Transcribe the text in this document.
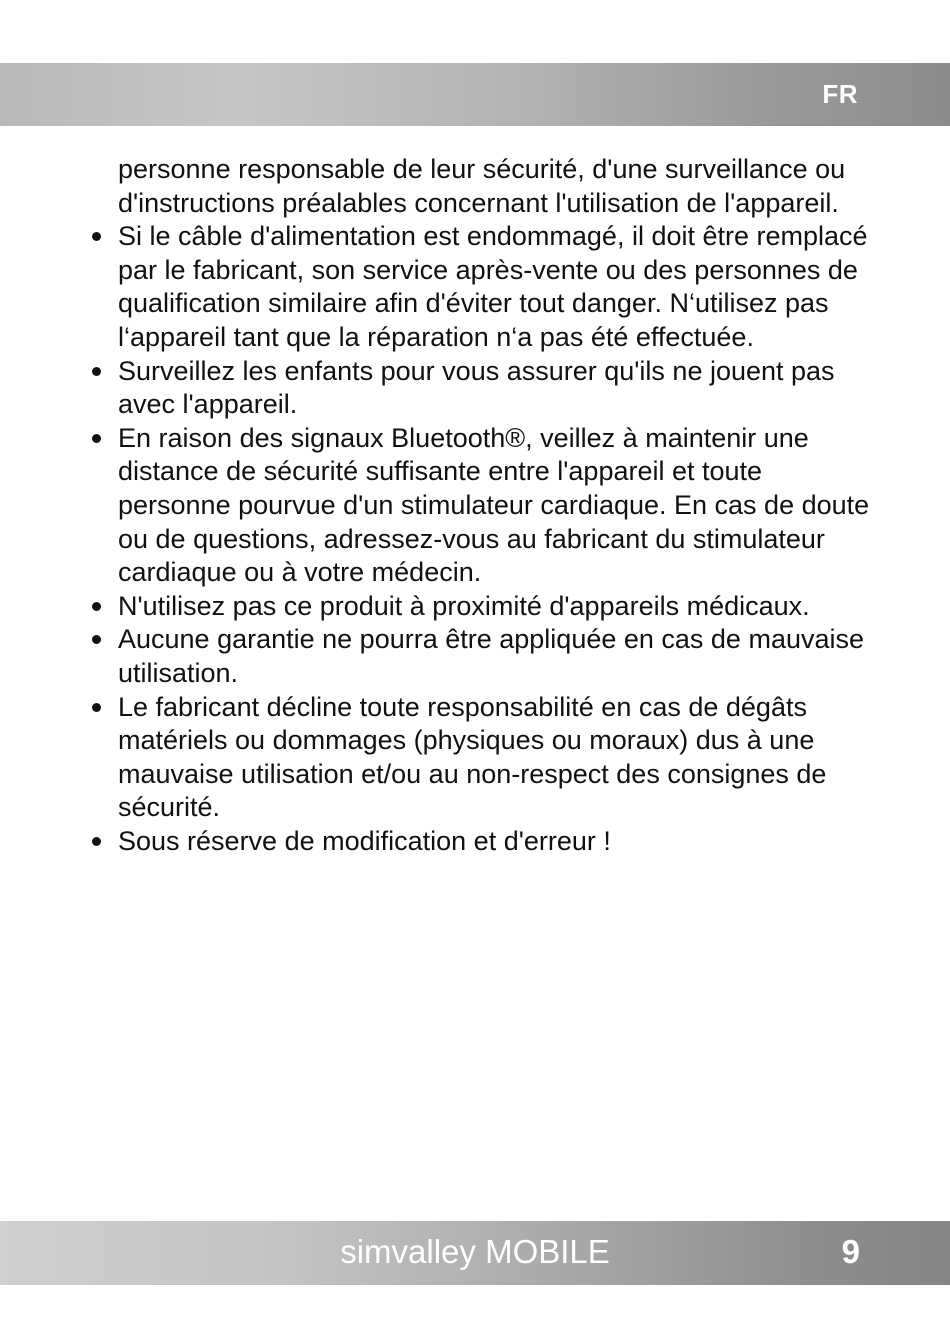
FR

personne responsable de leur sécurité, d'une surveillance ou d'instructions préalables concernant l'utilisation de l'appareil.

Si le câble d'alimentation est endommagé, il doit être remplacé par le fabricant, son service après-vente ou des personnes de qualification similaire afin d'éviter tout danger. N‘utilisez pas l‘appareil tant que la réparation n‘a pas été effectuée.
Surveillez les enfants pour vous assurer qu'ils ne jouent pas avec l'appareil.
En raison des signaux Bluetooth®, veillez à maintenir une distance de sécurité suffisante entre l'appareil et toute personne pourvue d'un stimulateur cardiaque. En cas de doute ou de questions, adressez-vous au fabricant du stimulateur cardiaque ou à votre médecin.
N'utilisez pas ce produit à proximité d'appareils médicaux.
Aucune garantie ne pourra être appliquée en cas de mauvaise utilisation.
Le fabricant décline toute responsabilité en cas de dégâts matériels ou dommages (physiques ou moraux) dus à une mauvaise utilisation et/ou au non-respect des consignes de sécurité.
Sous réserve de modification et d'erreur !
simvalley MOBILE	9
